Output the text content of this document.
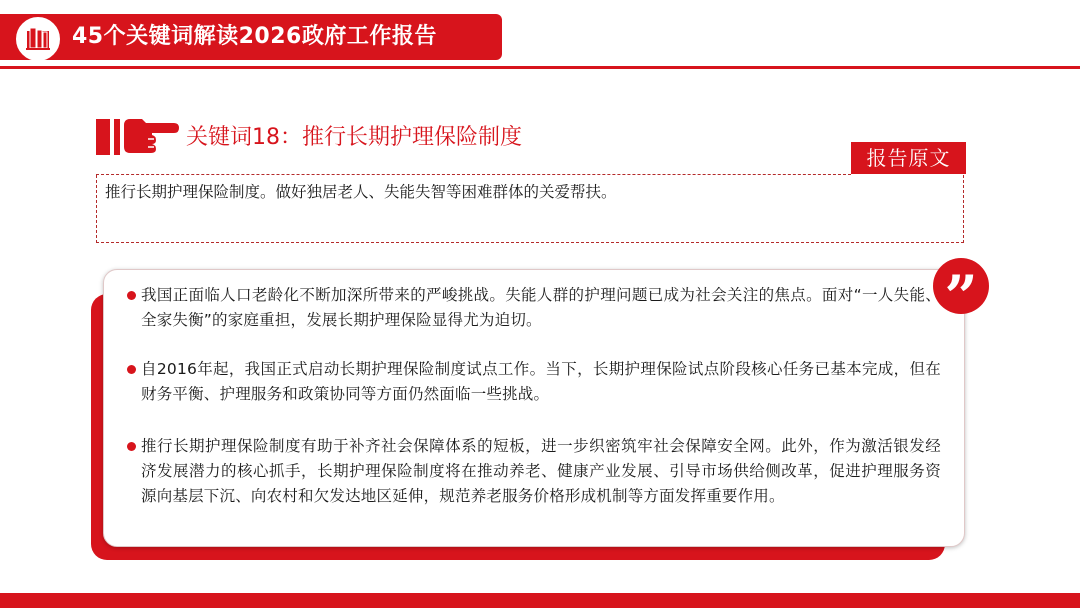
45个关键词解读2026政府工作报告
关键词18：推行长期护理保险制度
报告原文
推行长期护理保险制度。做好独居老人、失能失智等困难群体的关爱帮扶。
”
我国正面临人口老龄化不断加深所带来的严峻挑战。失能人群的护理问题已成为社会关注的焦点。面对“一人失能、全家失衡”的家庭重担，发展长期护理保险显得尤为迫切。
自2016年起，我国正式启动长期护理保险制度试点工作。当下，长期护理保险试点阶段核心任务已基本完成，但在财务平衡、护理服务和政策协同等方面仍然面临一些挑战。
推行长期护理保险制度有助于补齐社会保障体系的短板，进一步织密筑牢社会保障安全网。此外，作为激活银发经济发展潜力的核心抓手，长期护理保险制度将在推动养老、健康产业发展、引导市场供给侧改革，促进护理服务资源向基层下沉、向农村和欠发达地区延伸，规范养老服务价格形成机制等方面发挥重要作用。
